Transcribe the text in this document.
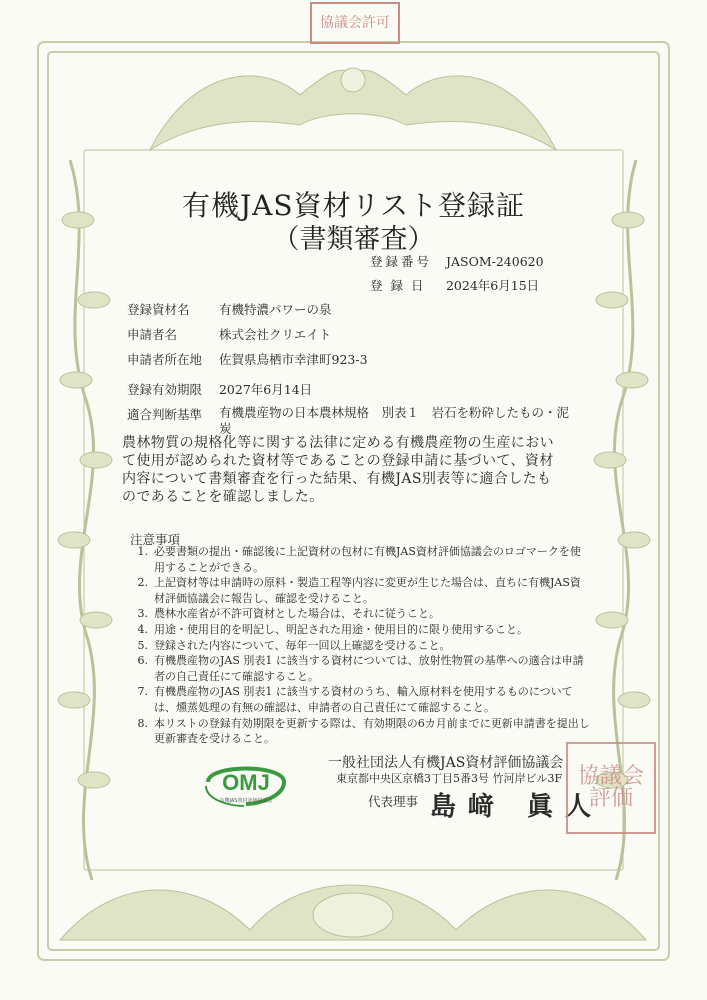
協議会許可
有機JAS資材リスト登録証
（書類審査）
登録番号 JASOM-240620
登録日 2024年6月15日
登録資材名 有機特濃パワーの泉
申請者名	株式会社クリエイト
申請者所在地 佐賀県鳥栖市幸津町923-3
登録有効期限 2027年6月14日
適合判断基準 有機農産物の日本農林規格　別表１　岩石を粉砕したもの・泥炭
農林物質の規格化等に関する法律に定める有機農産物の生産において使用が認められた資材等であることの登録申請に基づいて、資材内容について書類審査を行った結果、有機JAS別表等に適合したものであることを確認しました。
注意事項
1. 必要書類の提出・確認後に上記資材の包材に有機JAS資材評価協議会のロゴマークを使用することができる。
2. 上記資材等は申請時の原料・製造工程等内容に変更が生じた場合は、直ちに有機JAS資材評価協議会に報告し、確認を受けること。
3. 農林水産省が不許可資材とした場合は、それに従うこと。
4. 用途・使用目的を明記し、明記された用途・使用目的に限り使用すること。
5. 登録された内容について、毎年一回以上確認を受けること。
6. 有機農産物のJAS 別表1 に該当する資材については、放射性物質の基準への適合は申請者の自己責任にて確認すること。
7. 有機農産物のJAS 別表1 に該当する資材のうち、輸入原材料を使用するものについては、燻蒸処理の有無の確認は、申請者の自己責任にて確認すること。
8. 本リストの登録有効期限を更新する際は、有効期限の6カ月前までに更新申請書を提出し更新審査を受けること。
OMJ
有機JAS資材評価協議会
一般社団法人有機JAS資材評価協議会
東京都中央区京橋3丁目5番3号 竹河岸ビル3F
代表理事 島﨑 眞人
協議会評価
